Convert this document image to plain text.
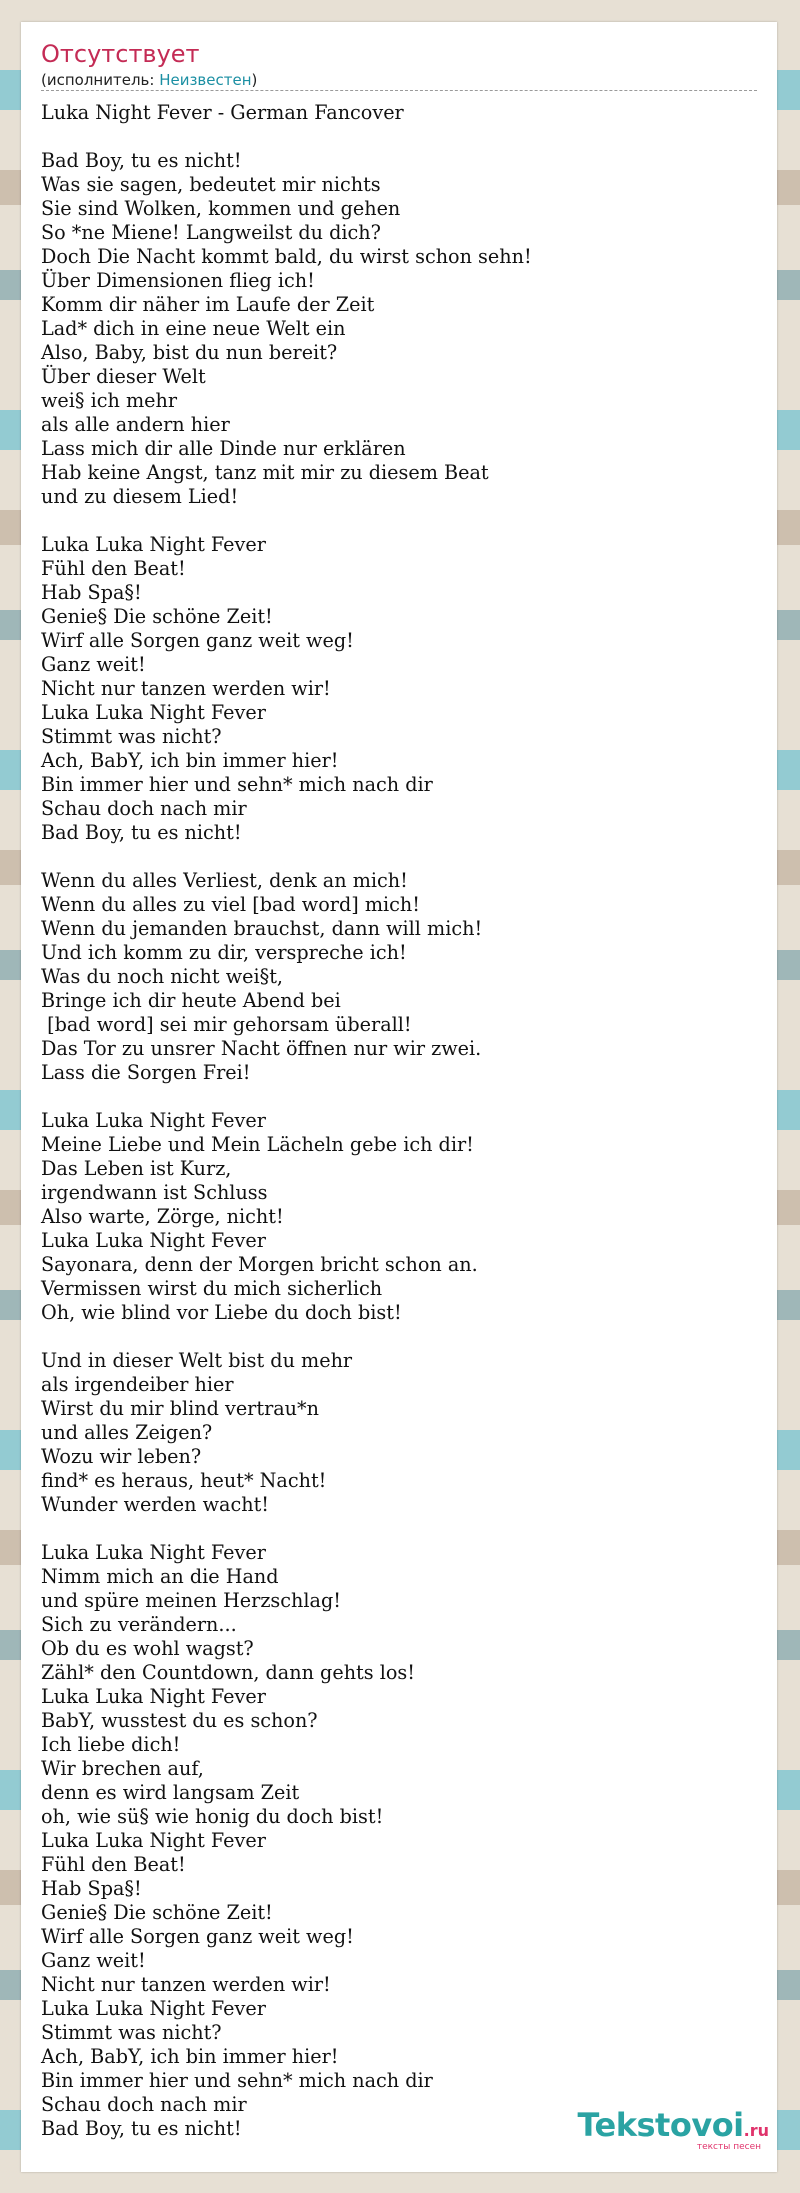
Отсутствует
(исполнитель: Неизвестен)
Luka Night Fever - German Fancover
Bad Boy, tu es nicht!
Was sie sagen, bedeutet mir nichts
Sie sind Wolken, kommen und gehen
So *ne Miene! Langweilst du dich?
Doch Die Nacht kommt bald, du wirst schon sehn!
Über Dimensionen flieg ich!
Komm dir näher im Laufe der Zeit
Lad* dich in eine neue Welt ein
Also, Baby, bist du nun bereit?
Über dieser Welt
wei§ ich mehr
als alle andern hier
Lass mich dir alle Dinde nur erklären
Hab keine Angst, tanz mit mir zu diesem Beat
und zu diesem Lied!
Luka Luka Night Fever
Fühl den Beat!
Hab Spa§!
Genie§ Die schöne Zeit!
Wirf alle Sorgen ganz weit weg!
Ganz weit!
Nicht nur tanzen werden wir!
Luka Luka Night Fever
Stimmt was nicht?
Ach, BabY, ich bin immer hier!
Bin immer hier und sehn* mich nach dir
Schau doch nach mir
Bad Boy, tu es nicht!
Wenn du alles Verliest, denk an mich!
Wenn du alles zu viel [bad word] mich!
Wenn du jemanden brauchst, dann will mich!
Und ich komm zu dir, verspreche ich!
Was du noch nicht wei§t,
Bringe ich dir heute Abend bei
[bad word] sei mir gehorsam überall!
Das Tor zu unsrer Nacht öffnen nur wir zwei.
Lass die Sorgen Frei!
Luka Luka Night Fever
Meine Liebe und Mein Lächeln gebe ich dir!
Das Leben ist Kurz,
irgendwann ist Schluss
Also warte, Zörge, nicht!
Luka Luka Night Fever
Sayonara, denn der Morgen bricht schon an.
Vermissen wirst du mich sicherlich
Oh, wie blind vor Liebe du doch bist!
Und in dieser Welt bist du mehr
als irgendeiber hier
Wirst du mir blind vertrau*n
und alles Zeigen?
Wozu wir leben?
find* es heraus, heut* Nacht!
Wunder werden wacht!
Luka Luka Night Fever
Nimm mich an die Hand
und spüre meinen Herzschlag!
Sich zu verändern...
Ob du es wohl wagst?
Zähl* den Countdown, dann gehts los!
Luka Luka Night Fever
BabY, wusstest du es schon?
Ich liebe dich!
Wir brechen auf,
denn es wird langsam Zeit
oh, wie sü§ wie honig du doch bist!
Luka Luka Night Fever
Fühl den Beat!
Hab Spa§!
Genie§ Die schöne Zeit!
Wirf alle Sorgen ganz weit weg!
Ganz weit!
Nicht nur tanzen werden wir!
Luka Luka Night Fever
Stimmt was nicht?
Ach, BabY, ich bin immer hier!
Bin immer hier und sehn* mich nach dir
Schau doch nach mir
Bad Boy, tu es nicht!	Tekstovoi.ru
тексты песен
